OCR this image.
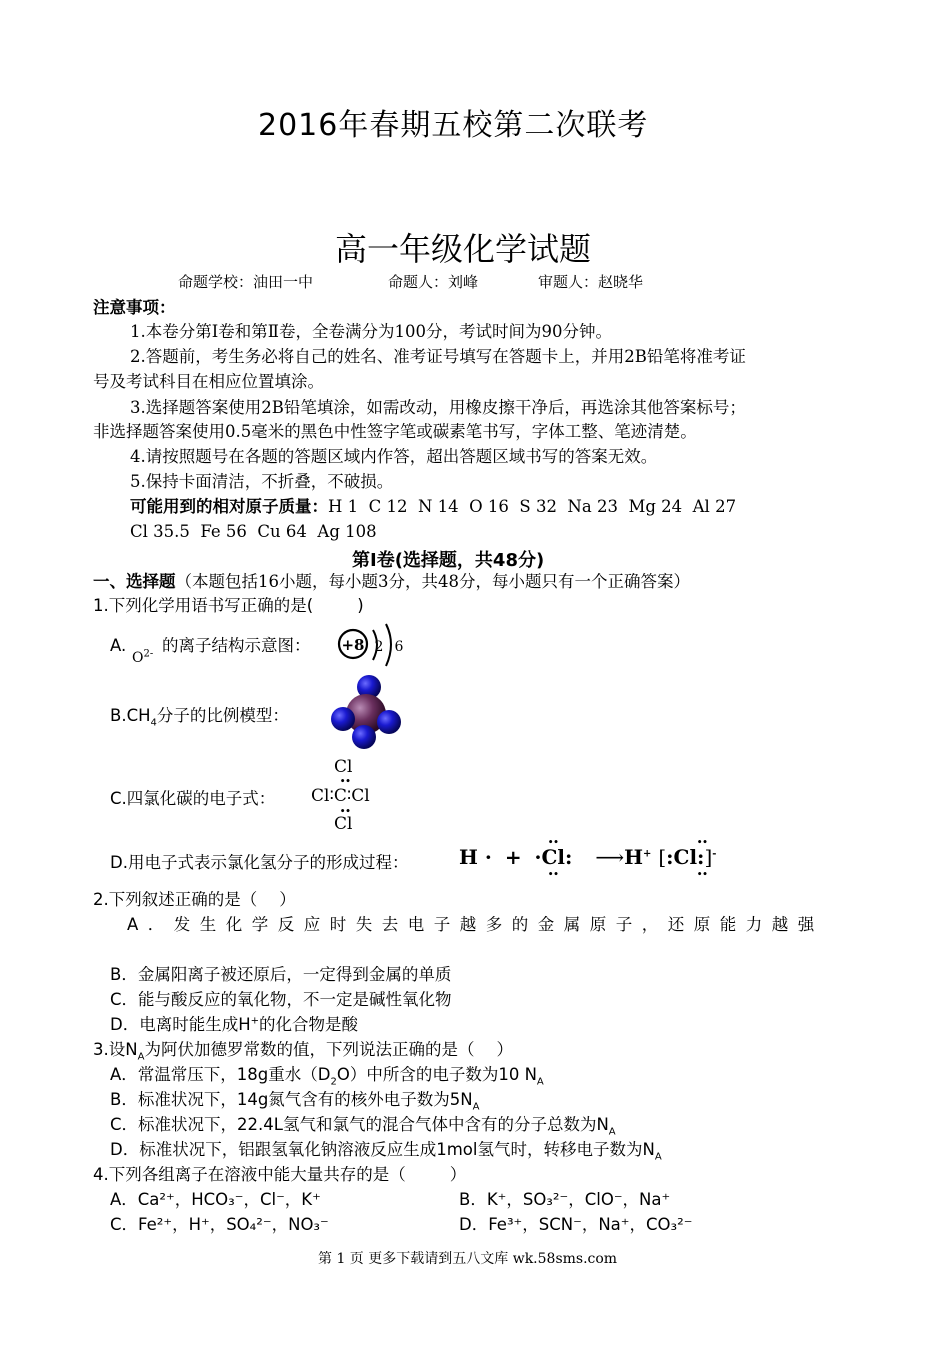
2016年春期五校第二次联考
高一年级化学试题
命题学校：油田一中　　　　　命题人：刘峰　　　　审题人：赵晓华
注意事项：
1.本卷分第Ⅰ卷和第Ⅱ卷，全卷满分为100分，考试时间为90分钟。
2.答题前，考生务必将自己的姓名、准考证号填写在答题卡上，并用2B铅笔将准考证
号及考试科目在相应位置填涂。
3.选择题答案使用2B铅笔填涂，如需改动，用橡皮擦干净后，再选涂其他答案标号；
非选择题答案使用0.5毫米的黑色中性签字笔或碳素笔书写，字体工整、笔迹清楚。
4.请按照题号在各题的答题区域内作答，超出答题区域书写的答案无效。
5.保持卡面清洁，不折叠，不破损。
可能用到的相对原子质量：H 1  C 12  N 14  O 16  S 32  Na 23  Mg 24  Al 27
Cl 35.5  Fe 56  Cu 64  Ag 108
第Ⅰ卷(选择题，共48分)
一、选择题（本题包括16小题，每小题3分，共48分，每小题只有一个正确答案）
1.下列化学用语书写正确的是(	)
A.
$O^{2-}$ 的离子结构示意图： +8 2 6
$B.CH_4$分子的比例模型：
C.四氯化碳的电子式：
Cl
∙∙
Cl∶C∶Cl
∙∙
Cl
D.用电子式表示氯化氢分子的形成过程：	H · + ·Cl: ⟶H+ [:Cl:]-
∙∙
∙∙
∙∙
∙∙
2.下列叙述正确的是（ ）
A．发生化学反应时失去电子越多的金属原子，还原能力越强
B．金属阳离子被还原后，一定得到金属的单质
C．能与酸反应的氧化物，不一定是碱性氧化物
D．电离时能生成H+的化合物是酸
3.设$N_A$为阿伏加德罗常数的值，下列说法正确的是（ ）
A．常温常压下，18g重水$(D_2O)$中所含的电子数为10 $N_A$
B．标准状况下，14g氮气含有的核外电子数为$5N_A$
C．标准状况下，22.4L氢气和氯气的混合气体中含有的分子总数为$N_A$
D．标准状况下，铝跟氢氧化钠溶液反应生成1mol氢气时，转移电子数为$N_A$
4.下列各组离子在溶液中能大量共存的是（	）
A．Ca²⁺，HCO₃⁻，Cl⁻，K⁺	B．K⁺，SO₃²⁻，ClO⁻，Na⁺
C．Fe²⁺，H⁺，SO₄²⁻，NO₃⁻	D．Fe³⁺，SCN⁻，Na⁺，CO₃²⁻
第 1 页 更多下载请到五八文库 wk.58sms.com
